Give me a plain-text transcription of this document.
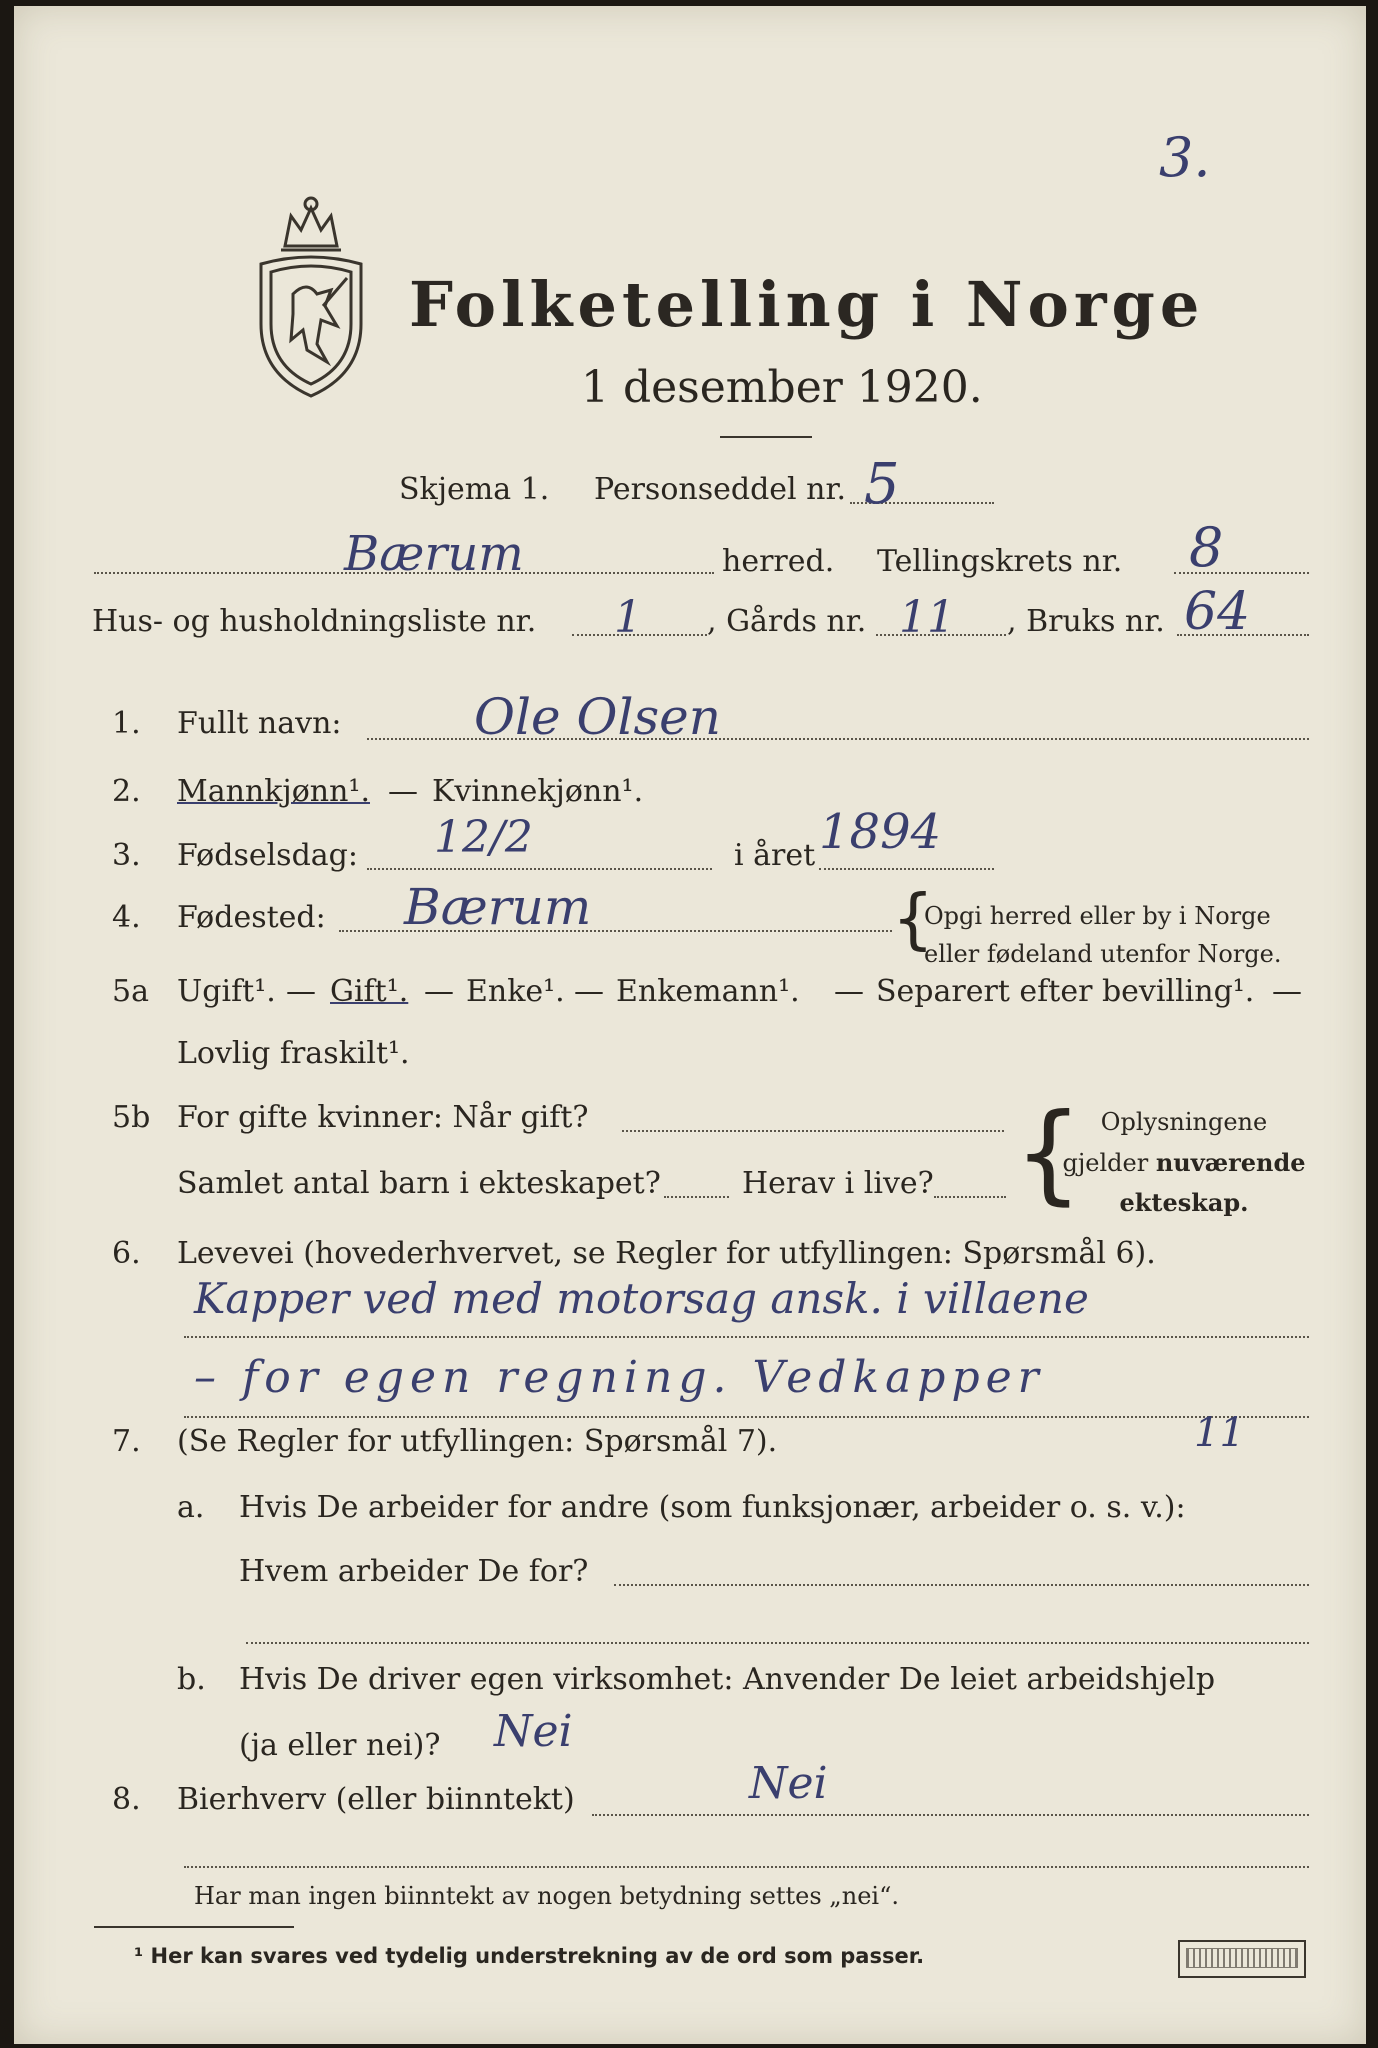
3.
Folketelling i Norge
1 desember 1920.
Skjema 1. Personseddel nr. 5
Bærum	herred. Tellingskrets nr. 8
Hus- og husholdningsliste nr. 1 , Gårds nr. 11 , Bruks nr. 64
1. Fullt navn:	Ole Olsen
2. Mannkjønn¹. — Kvinnekjønn¹.
3. Fødselsdag: 12/2	i året 1894
4. Fødested: Bærum	{
Opgi herred eller by i Norge
eller fødeland utenfor Norge.
5a Ugift¹. — Gift¹. — Enke¹. — Enkemann¹. — Separert efter bevilling¹. —
Lovlig fraskilt¹.
5b For gifte kvinner: Når gift?
Samlet antal barn i ekteskapet?	Herav i live? { Oplysningene
gjelder nuværende
ekteskap.
6. Levevei (hovederhvervet, se Regler for utfyllingen: Spørsmål 6).
Kapper ved med motorsag ansk. i villaene
– for egen regning. Vedkapper
11
7. (Se Regler for utfyllingen: Spørsmål 7).
a. Hvis De arbeider for andre (som funksjonær, arbeider o. s. v.):
Hvem arbeider De for?
b. Hvis De driver egen virksomhet: Anvender De leiet arbeidshjelp
(ja eller nei)? Nei
8. Bierhverv (eller biinntekt)	Nei
Har man ingen biinntekt av nogen betydning settes „nei“.
¹ Her kan svares ved tydelig understrekning av de ord som passer.
